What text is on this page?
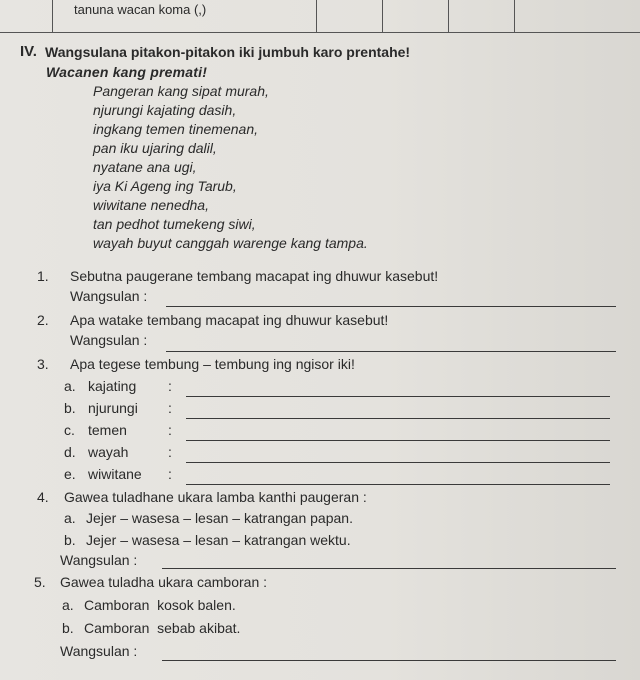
tanuna wacan koma (,)
IV. Wangsulana pitakon-pitakon iki jumbuh karo prentahe!
Wacanen kang premati!
Pangeran kang sipat murah,
njurungi kajating dasih,
ingkang temen tinemenan,
pan iku ujaring dalil,
nyatane ana ugi,
iya Ki Ageng ing Tarub,
wiwitane nenedha,
tan pedhot tumekeng siwi,
wayah buyut canggah warenge kang tampa.
1. Sebutna paugerane tembang macapat ing dhuwur kasebut!
Wangsulan :
2. Apa watake tembang macapat ing dhuwur kasebut!
Wangsulan :
3. Apa tegese tembung – tembung ing ngisor iki!
a. kajating :
b. njurungi :
c. temen	:
d. wayah	:
e. wiwitane :
4. Gawea tuladhane ukara lamba kanthi paugeran :
a. Jejer – wasesa – lesan – katrangan papan.
b. Jejer – wasesa – lesan – katrangan wektu.
Wangsulan :
5. Gawea tuladha ukara camboran :
a. Camboran  kosok balen.
b. Camboran  sebab akibat.
Wangsulan :
